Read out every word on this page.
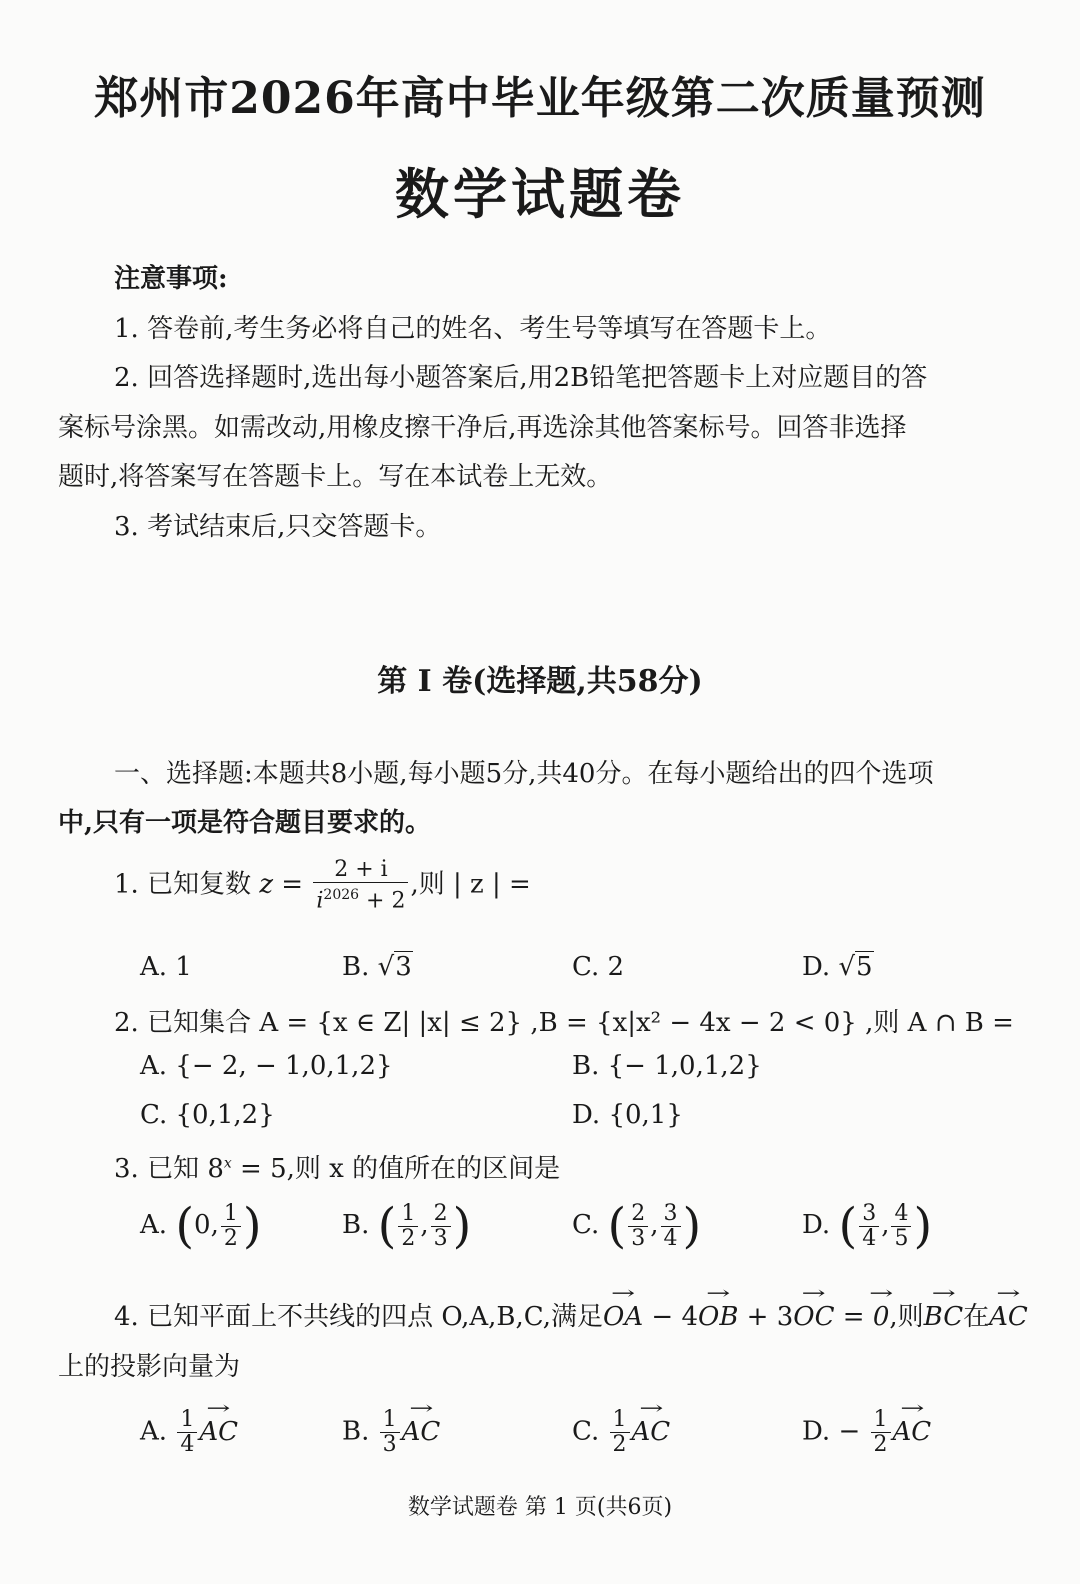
郑州市2026年高中毕业年级第二次质量预测
数学试题卷
注意事项:
1. 答卷前,考生务必将自己的姓名、考生号等填写在答题卡上。
2. 回答选择题时,选出每小题答案后,用2B铅笔把答题卡上对应题目的答
案标号涂黑。如需改动,用橡皮擦干净后,再选涂其他答案标号。回答非选择
题时,将答案写在答题卡上。写在本试卷上无效。
3. 考试结束后,只交答题卡。
第 Ⅰ 卷(选择题,共58分)
一、选择题:本题共8小题,每小题5分,共40分。在每小题给出的四个选项
中,只有一项是符合题目要求的。
1. 已知复数 $z = \frac{2 + i}{i^{2026} + 2}$ ,则 | z | =
A. 1	B. √3	C. 2	D. √5
2. 已知集合 A = {x ∈ Z| |x| ≤ 2} ,B = {x|x² − 4x − 2 < 0} ,则 A ∩ B =
A. {− 2, − 1,0,1,2}	B. {− 1,0,1,2}
C. {0,1,2}	D. {0,1}
3. 已知 $8^x = 5$,则 x 的值所在的区间是
A. (0, $\frac{1}{2}$ )	B. ( $\frac{1}{2}$ , $\frac{2}{3}$ )	C. ( $\frac{2}{3}$ , $\frac{3}{4}$ )	D. ( $\frac{3}{4}$ , $\frac{4}{5}$ )
4. 已知平面上不共线的四点 O,A,B,C,满足→ OA − 4→ OB + 3→ OC = → 0,则→ BC在→ AC
上的投影向量为
A. $\frac{1}{4}$ → AC	B. $\frac{1}{3}$ → AC	C. $\frac{1}{2}$ → AC	D. − $\frac{1}{2}$ → AC
数学试题卷 第 1 页(共6页)
